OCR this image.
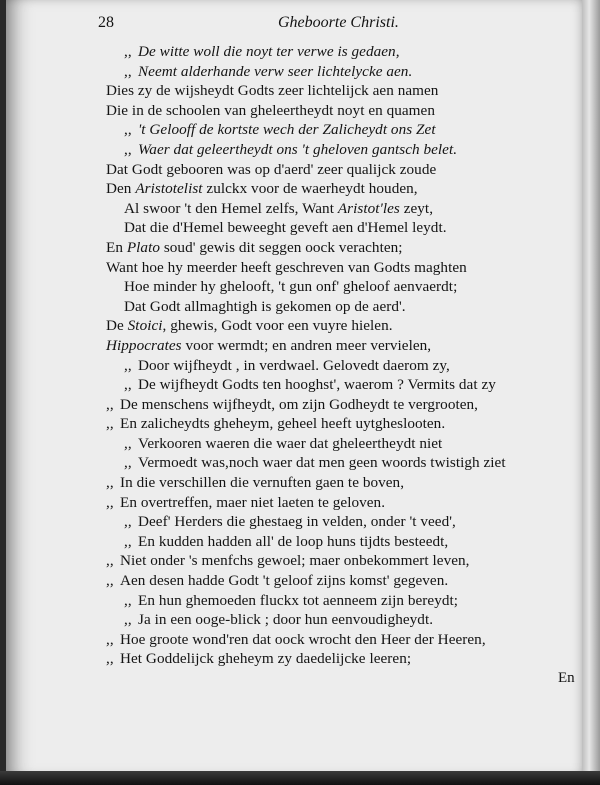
28	Gheboorte Christi.
,, De witte woll die noyt ter verwe is gedaen,
,, Neemt alderhande verw seer lichtelycke aen.
Dies zy de wijsheydt Godts zeer lichtelijck aen namen
Die in de schoolen van gheleertheydt noyt en quamen
,, 't Gelooff de kortste wech der Zalicheydt ons Zet
,, Waer dat geleertheydt ons 't gheloven gantsch belet.
Dat Godt gebooren was op d'aerd' zeer qualijck zoude
Den Aristotelist zulckx voor de waerheydt houden,
Al swoor 't den Hemel zelfs, Want Aristot'les zeyt,
Dat die d'Hemel beweeght geveft aen d'Hemel leydt.
En Plato soud' gewis dit seggen oock verachten;
Want hoe hy meerder heeft geschreven van Godts maghten
Hoe minder hy ghelooft, 't gun onf' gheloof aenvaerdt;
Dat Godt allmaghtigh is gekomen op de aerd'.
De Stoici, ghewis, Godt voor een vuyre hielen.
Hippocrates voor wermdt; en andren meer vervielen,
,, Door wijfheydt , in verdwael. Gelovedt daerom zy,
,, De wijfheydt Godts ten hooghst', waerom ? Vermits dat zy
,, De menschens wijfheydt, om zijn Godheydt te vergrooten,
,, En zalicheydts gheheym, geheel heeft uytgheslooten.
,, Verkooren waeren die waer dat gheleertheydt niet
,, Vermoedt was,noch waer dat men geen woords twistigh ziet
,, In die verschillen die vernuften gaen te boven,
,, En overtreffen, maer niet laeten te geloven.
,, Deef' Herders die ghestaeg in velden, onder 't veed',
,, En kudden hadden all' de loop huns tijdts besteedt,
,, Niet onder 's menfchs gewoel; maer onbekommert leven,
,, Aen desen hadde Godt 't geloof zijns komst' gegeven.
,, En hun ghemoeden fluckx tot aenneem zijn bereydt;
,, Ja in een ooge-blick ; door hun eenvoudigheydt.
,, Hoe groote wond'ren dat oock wrocht den Heer der Heeren,
,, Het Goddelijck gheheym zy daedelijcke leeren;
En
